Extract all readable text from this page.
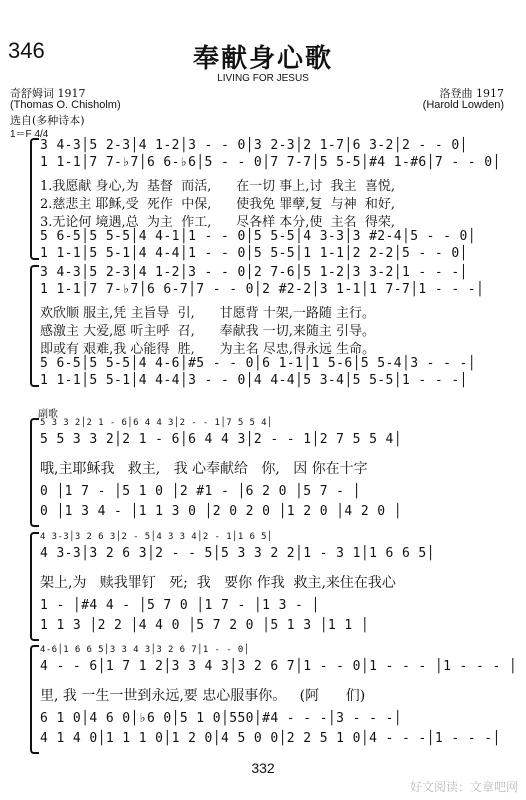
346	奉献身心歌
LIVING FOR JESUS
奇舒姆词 1917
(Thomas O. Chisholm)
选自(多种诗本)
洛登曲 1917
(Harold Lowden)
1＝F 4/4
3 4-3│5 2-3│4 1-2│3 - - 0│3 2-3│2 1-7│6 3-2│2 - - 0│
1 1-1│7 7-♭7│6 6-♭6│5 - - 0│7 7-7│5 5-5│#4 1-#6│7 - - 0│
1.我愿献 身心,为  基督  而活,      在一切 事上,讨  我主  喜悦,
2.慈悲主 耶稣,受  死作  中保,      使我免 罪孽,复  与神  和好,
3.无论何 境遇,总  为主  作工,      尽各样 本分,使  主名  得荣,
5 6-5│5 5-5│4 4-1│1 - - 0│5 5-5│4 3-3│3 #2-4│5 - - 0│
1 1-1│5 5-1│4 4-4│1 - - 0│5 5-5│1 1-1│2 2-2│5 - - 0│
3 4-3│5 2-3│4 1-2│3 - - 0│2 7-6│5 1-2│3 3-2│1 - - -│
1 1-1│7 7-♭7│6 6-7│7 - - 0│2 #2-2│3 1-1│1 7-7│1 - - -│
欢欣顺 服主,凭 主旨导  引,      甘愿背 十架,一路随 主行。
感激主 大爱,愿 听主呼  召,      奉献我 一切,来随主 引导。
即或有 艰难,我 心能得  胜,      为主名 尽忠,得永远 生命。
5 6-5│5 5-5│4 4-6│#5 - - 0│6 1-1│1 5-6│5 5-4│3 - - -│
1 1-1│5 5-1│4 4-4│3 - - 0│4 4-4│5 3-4│5 5-5│1 - - -│
副歌
5 3 3 2│2 1 - 6│6 4 4 3│2 - - 1│7 5 5 4│
5 5 3 3 2│2 1 - 6│6 4 4 3│2 - - 1│2 7 5 5 4│
哦,主耶稣我   救主,   我 心奉献给   你,   因 你在十字
0 │1 7 - │5 1 0 │2 #1 - │6 2 0 │5 7 - │
0 │1 3 4 - │1 1 3 0 │2 0 2 0 │1 2 0 │4 2 0 │
4 3-3│3 2 6 3│2 - 5│4 3 3 4│2 - 1│1 6 5│
4 3-3│3 2 6 3│2 - - 5│5 3 3 2 2│1 - 3 1│1 6 6 5│
架上,为   赎我罪钉   死;  我   要你 作我  救主,来住在我心
1 - │#4 4 - │5 7 0 │1 7 - │1 3 - │
1 1 3 │2 2 │4 4 0 │5 7 2 0 │5 1 3 │1 1 │
4-6│1 6 6 5│3 3 4 3│3 2 6 7│1 - - 0│
4 - - 6│1 7 1 2│3 3 4 3│3 2 6 7│1 - - 0│1 - - - │1 - - - │
里, 我 一生一世到永远,要 忠心服事你。   (阿      们)
6 1 0│4 6 0│♭6 0│5 1 0│550│#4 - - -│3 - - -│
4 1 4 0│1 1 1 0│1 2 0│4 5 0 0│2 2 5 1 0│4 - - -│1 - - -│
332
好文阅读：文章吧网
